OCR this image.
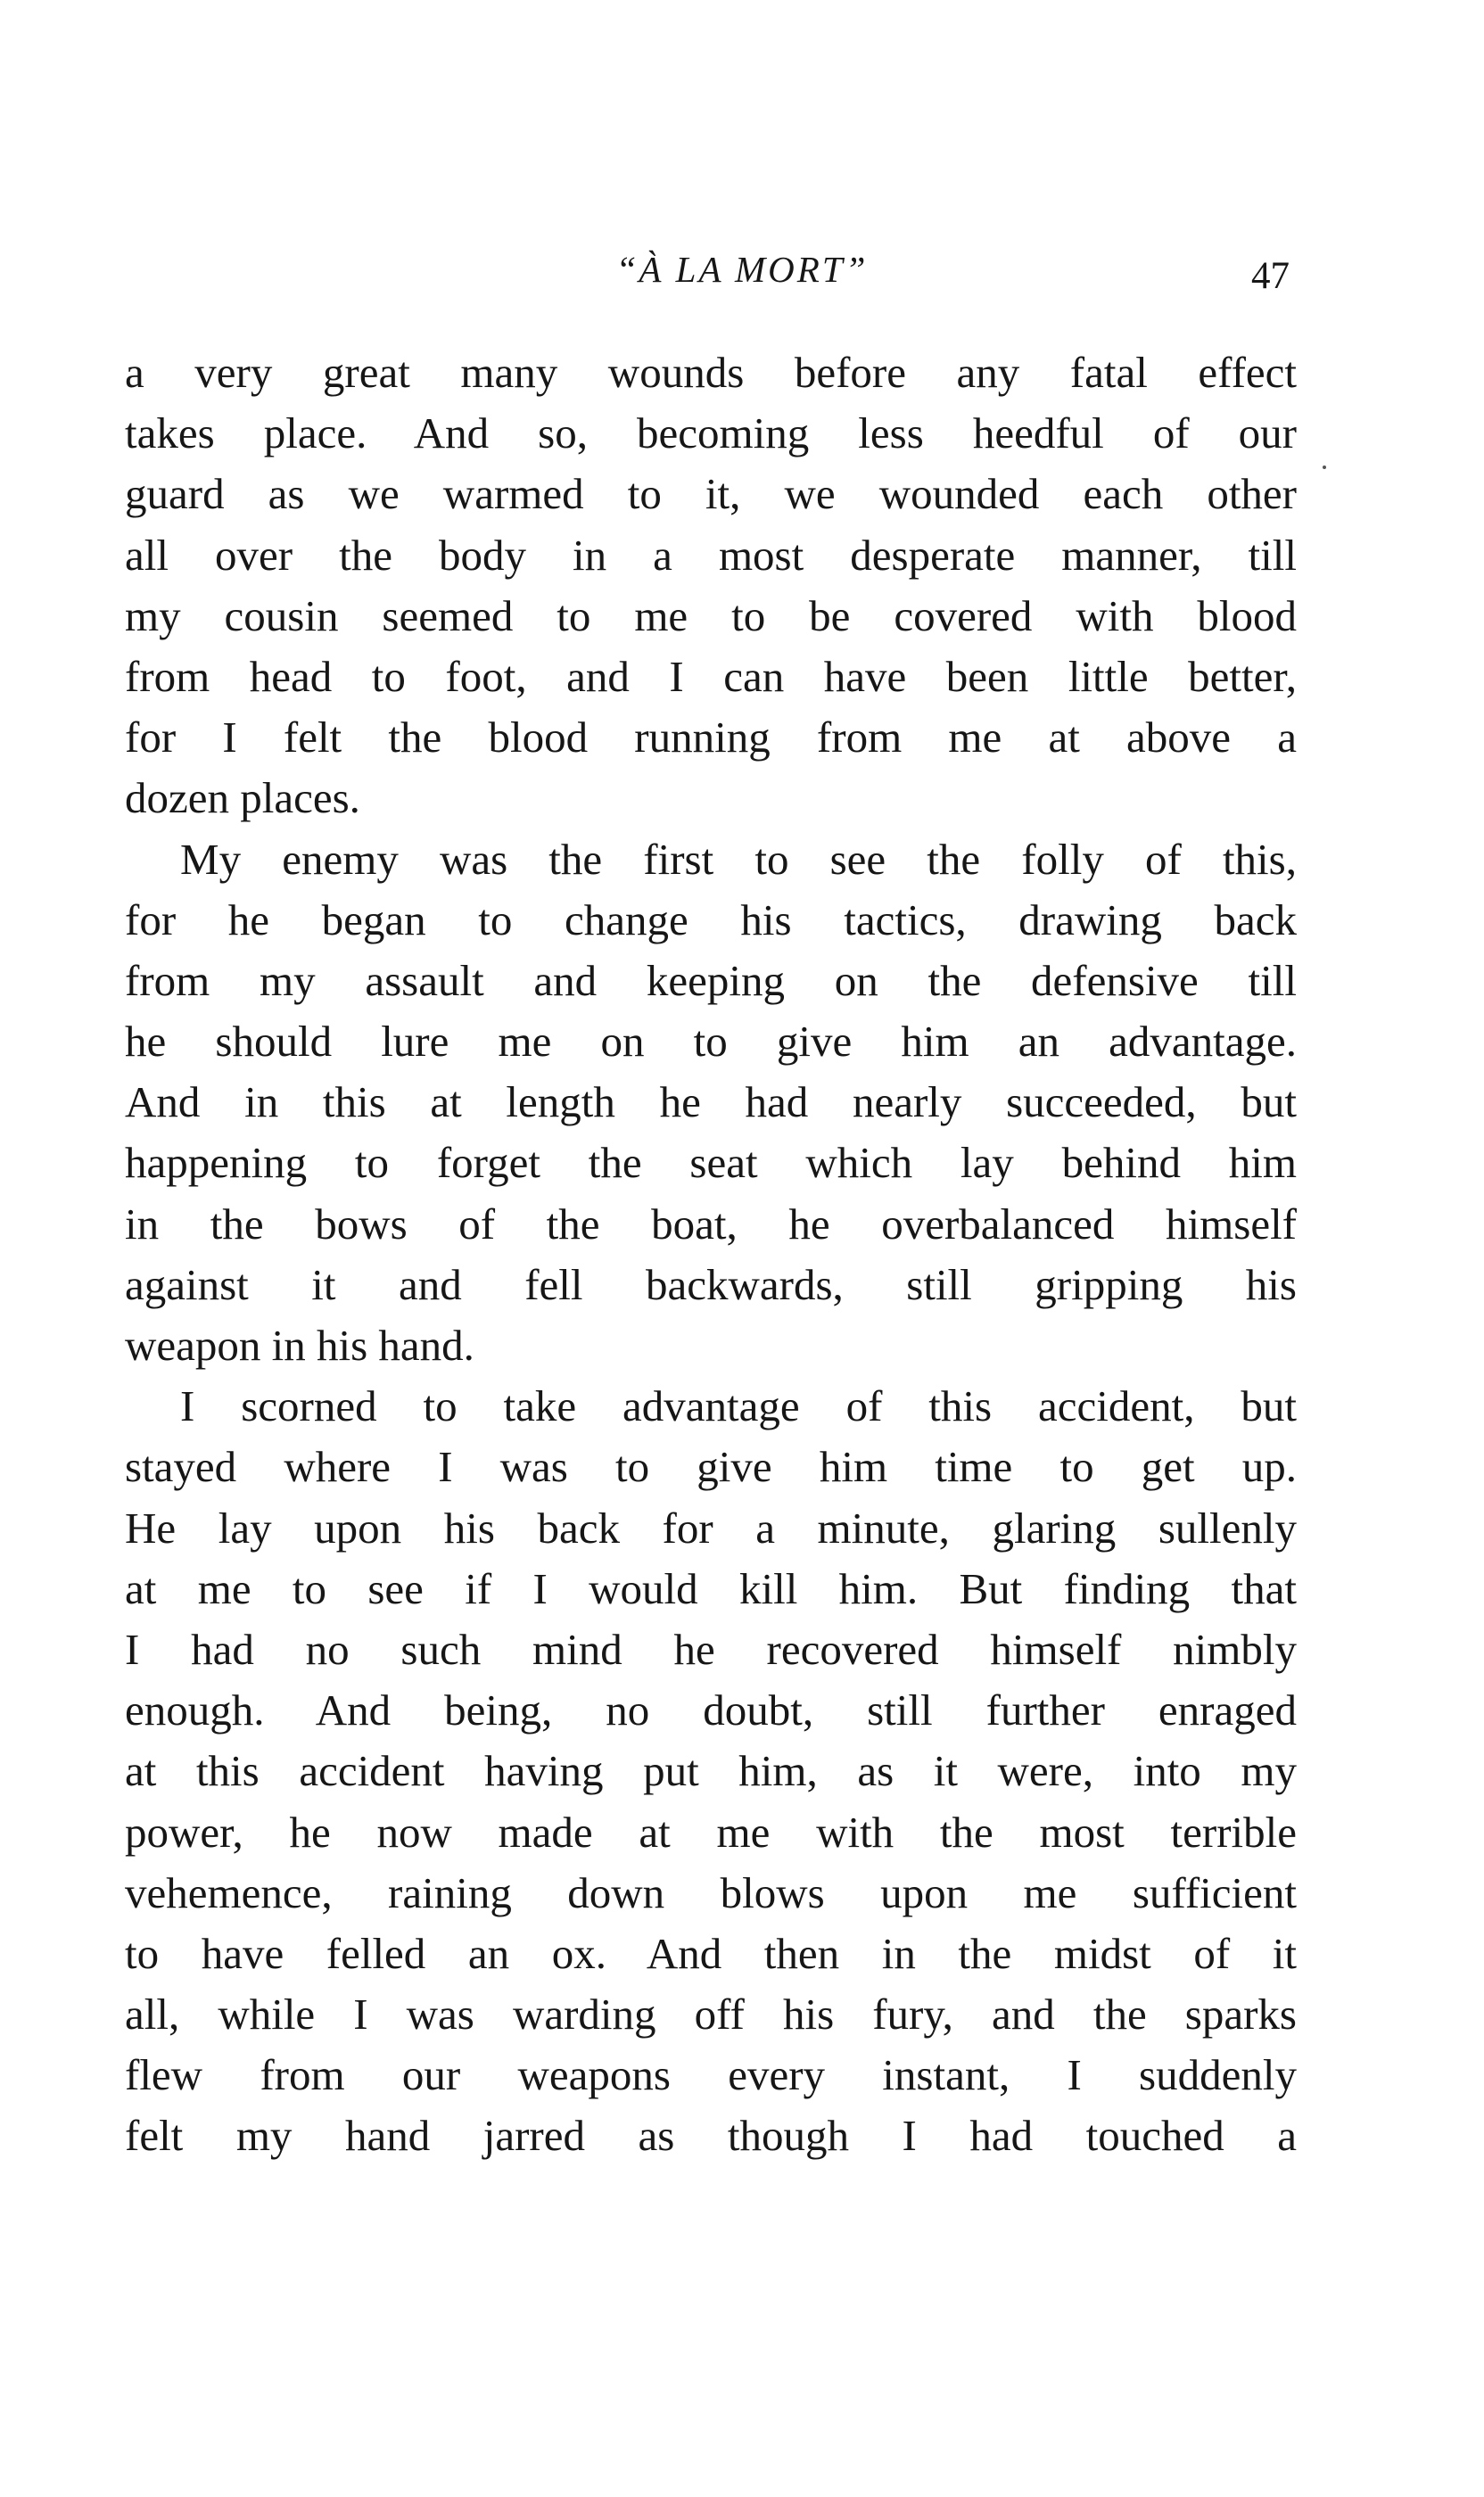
“À LA MORT”	47
a very great many wounds before any fatal effect
takes place. And so, becoming less heedful of our
guard as we warmed to it, we wounded each other
all over the body in a most desperate manner, till
my cousin seemed to me to be covered with blood
from head to foot, and I can have been little better,
for I felt the blood running from me at above a
dozen places.
My enemy was the first to see the folly of this,
for he began to change his tactics, drawing back
from my assault and keeping on the defensive till
he should lure me on to give him an advantage.
And in this at length he had nearly succeeded, but
happening to forget the seat which lay behind him
in the bows of the boat, he overbalanced himself
against it and fell backwards, still gripping his
weapon in his hand.
I scorned to take advantage of this accident, but
stayed where I was to give him time to get up.
He lay upon his back for a minute, glaring sullenly
at me to see if I would kill him. But finding that
I had no such mind he recovered himself nimbly
enough. And being, no doubt, still further enraged
at this accident having put him, as it were, into my
power, he now made at me with the most terrible
vehemence, raining down blows upon me sufficient
to have felled an ox. And then in the midst of it
all, while I was warding off his fury, and the sparks
flew from our weapons every instant, I suddenly
felt my hand jarred as though I had touched a
